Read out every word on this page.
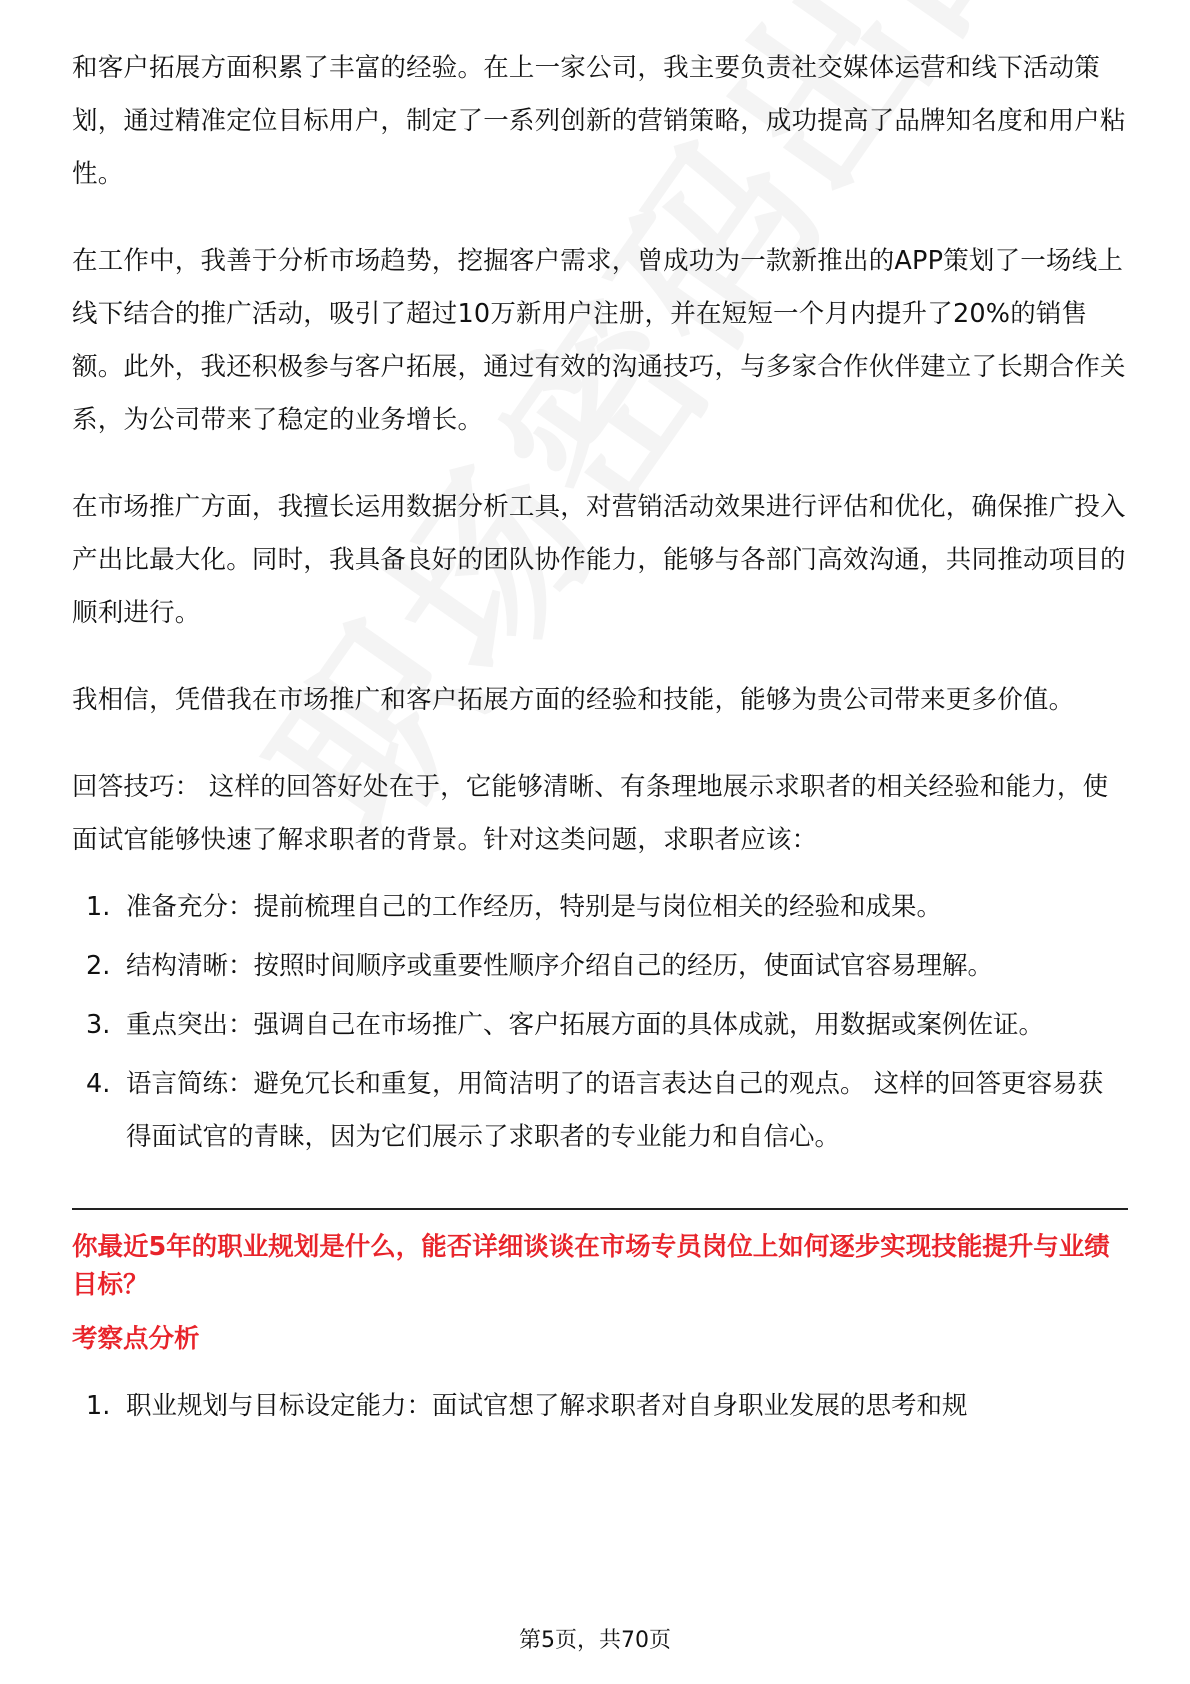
和客户拓展方面积累了丰富的经验。在上一家公司，我主要负责社交媒体运营和线下活动策划，通过精准定位目标用户，制定了一系列创新的营销策略，成功提高了品牌知名度和用户粘性。

在工作中，我善于分析市场趋势，挖掘客户需求，曾成功为一款新推出的APP策划了一场线上线下结合的推广活动，吸引了超过10万新用户注册，并在短短一个月内提升了20%的销售额。此外，我还积极参与客户拓展，通过有效的沟通技巧，与多家合作伙伴建立了长期合作关系，为公司带来了稳定的业务增长。

在市场推广方面，我擅长运用数据分析工具，对营销活动效果进行评估和优化，确保推广投入产出比最大化。同时，我具备良好的团队协作能力，能够与各部门高效沟通，共同推动项目的顺利进行。

我相信，凭借我在市场推广和客户拓展方面的经验和技能，能够为贵公司带来更多价值。

回答技巧： 这样的回答好处在于，它能够清晰、有条理地展示求职者的相关经验和能力，使面试官能够快速了解求职者的背景。针对这类问题，求职者应该：

1. 准备充分：提前梳理自己的工作经历，特别是与岗位相关的经验和成果。
2. 结构清晰：按照时间顺序或重要性顺序介绍自己的经历，使面试官容易理解。
3. 重点突出：强调自己在市场推广、客户拓展方面的具体成就，用数据或案例佐证。
4. 语言简练：避免冗长和重复，用简洁明了的语言表达自己的观点。 这样的回答更容易获得面试官的青睐，因为它们展示了求职者的专业能力和自信心。

你最近5年的职业规划是什么，能否详细谈谈在市场专员岗位上如何逐步实现技能提升与业绩目标？

考察点分析

1. 职业规划与目标设定能力：面试官想了解求职者对自身职业发展的思考和规
第5页，共70页
